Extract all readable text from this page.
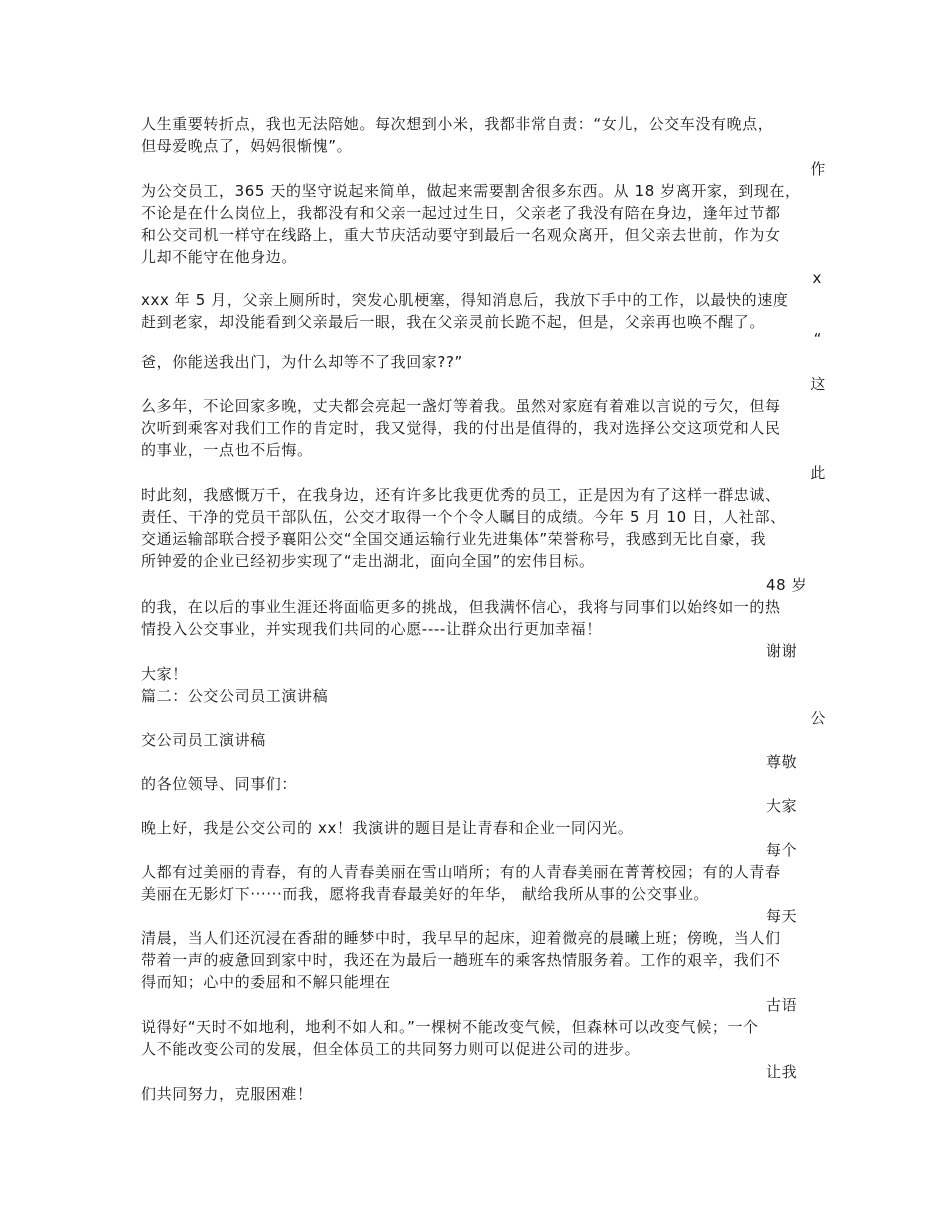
人生重要转折点，我也无法陪她。每次想到小米，我都非常自责：“女儿，公交车没有晚点，
但母爱晚点了，妈妈很惭愧”。
作
为公交员工，365 天的坚守说起来简单，做起来需要割舍很多东西。从 18 岁离开家，到现在，
不论是在什么岗位上，我都没有和父亲一起过过生日，父亲老了我没有陪在身边，逢年过节都
和公交司机一样守在线路上，重大节庆活动要守到最后一名观众离开，但父亲去世前，作为女
儿却不能守在他身边。
x
xxx 年 5 月，父亲上厕所时，突发心肌梗塞，得知消息后，我放下手中的工作，以最快的速度
赶到老家，却没能看到父亲最后一眼，我在父亲灵前长跪不起，但是，父亲再也唤不醒了。
“
爸，你能送我出门，为什么却等不了我回家??”
这
么多年，不论回家多晚，丈夫都会亮起一盏灯等着我。虽然对家庭有着难以言说的亏欠，但每
次听到乘客对我们工作的肯定时，我又觉得，我的付出是值得的，我对选择公交这项党和人民
的事业，一点也不后悔。
此
时此刻，我感慨万千，在我身边，还有许多比我更优秀的员工，正是因为有了这样一群忠诚、
责任、干净的党员干部队伍，公交才取得一个个令人瞩目的成绩。今年 5 月 10 日，人社部、
交通运输部联合授予襄阳公交“全国交通运输行业先进集体”荣誉称号，我感到无比自豪，我
所钟爱的企业已经初步实现了“走出湖北，面向全国”的宏伟目标。
48 岁
的我，在以后的事业生涯还将面临更多的挑战，但我满怀信心，我将与同事们以始终如一的热
情投入公交事业，并实现我们共同的心愿----让群众出行更加幸福！
谢谢
大家！
篇二：公交公司员工演讲稿
公
交公司员工演讲稿
尊敬
的各位领导、同事们：
大家
晚上好，我是公交公司的 xx！我演讲的题目是让青春和企业一同闪光。
每个
人都有过美丽的青春，有的人青春美丽在雪山哨所；有的人青春美丽在菁菁校园；有的人青春
美丽在无影灯下······而我，愿将我青春最美好的年华， 献给我所从事的公交事业。
每天
清晨，当人们还沉浸在香甜的睡梦中时，我早早的起床，迎着微亮的晨曦上班；傍晚，当人们
带着一声的疲惫回到家中时，我还在为最后一趟班车的乘客热情服务着。工作的艰辛，我们不
得而知；心中的委屈和不解只能埋在
古语
说得好“天时不如地利，地利不如人和。”一棵树不能改变气候，但森林可以改变气候；一个
人不能改变公司的发展，但全体员工的共同努力则可以促进公司的进步。
让我
们共同努力，克服困难！
